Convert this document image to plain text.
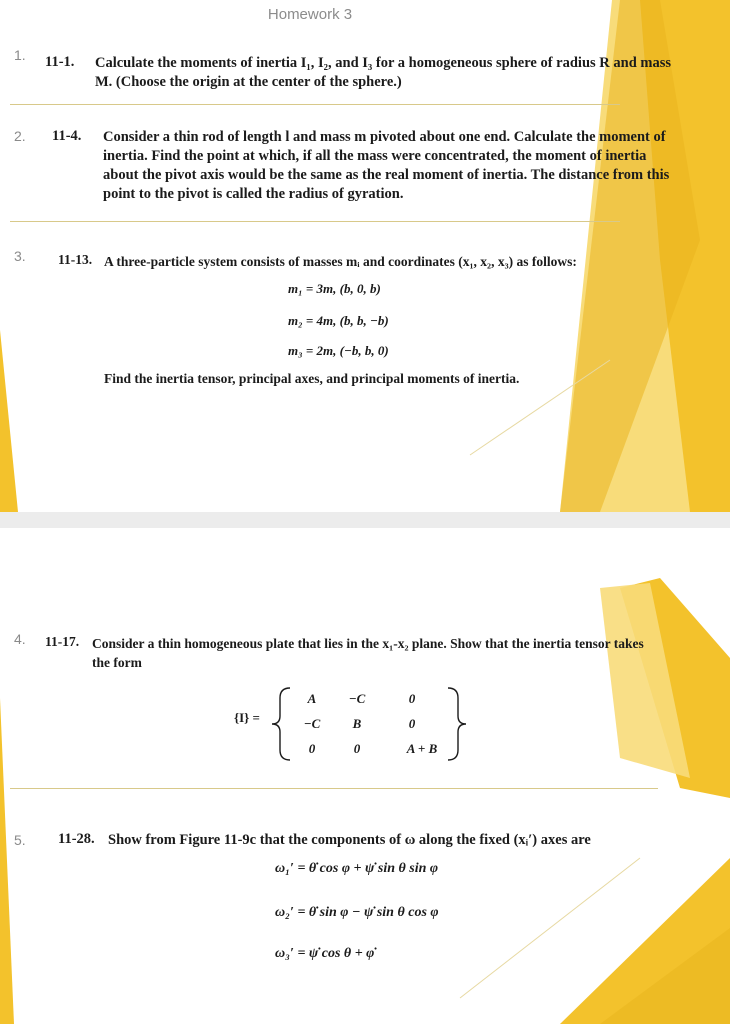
Homework 3
1. 11-1. Calculate the moments of inertia I₁, I₂, and I₃ for a homogeneous sphere of radius R and mass M. (Choose the origin at the center of the sphere.)
2. 11-4. Consider a thin rod of length l and mass m pivoted about one end. Calculate the moment of inertia. Find the point at which, if all the mass were concentrated, the moment of inertia about the pivot axis would be the same as the real moment of inertia. The distance from this point to the pivot is called the radius of gyration.
3. 11-13. A three-particle system consists of masses mᵢ and coordinates (x₁, x₂, x₃) as follows:
m₁ = 3m, (b, 0, b)
m₂ = 4m, (b, b, −b)
m₃ = 2m, (−b, b, 0)
Find the inertia tensor, principal axes, and principal moments of inertia.
4. 11-17. Consider a thin homogeneous plate that lies in the x₁-x₂ plane. Show that the inertia tensor takes the form
{I} =
A	−C	0
−C	B	0
0	0	A + B
5. 11-28. Show from Figure 11-9c that the components of ω along the fixed (xᵢ′) axes are
ω₁′ = θ̇ cos φ + ψ̇ sin θ sin φ
ω₂′ = θ̇ sin φ − ψ̇ sin θ cos φ
ω₃′ = ψ̇ cos θ + φ̇
